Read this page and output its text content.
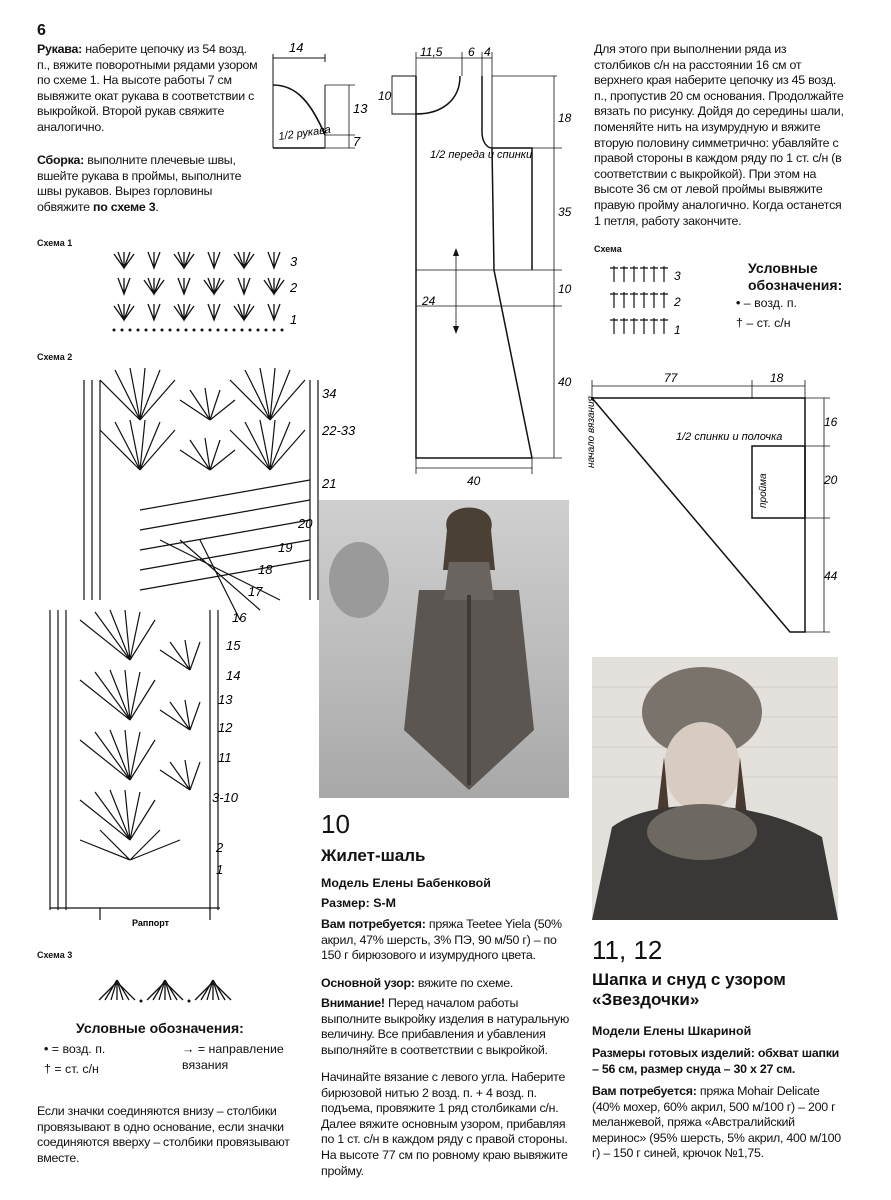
6
Рукава: наберите цепочку из 54 возд. п., вяжите поворотными рядами узором по схеме 1. На высоте работы 7 см вывяжите окат рукава в соответствии с выкройкой. Второй рукав свяжите аналогично.
Сборка: выполните плечевые швы, вшейте рукава в проймы, выполните швы рукавов. Вырез горловины обвяжите по схеме 3.
14
13
7
1/2 рукава
11,5 6 4
10
18
35
10
40
24
40
1/2 переда и спинки
Схема 1
3
2
1
Схема 2
34
22-33
21
20
19
18
17
16
15
14
13
12
11
3-10
2
1
Раппорт
Схема 3
Условные обозначения:
• = возд. п.
† = ст. с/н
→ = направление вязания
Если значки соединяются внизу – столбики провязывают в одно основание, если значки соединяются вверху – столбики провязывают вместе.
Для этого при выполнении ряда из столбиков с/н на расстоянии 16 см от верхнего края наберите цепочку из 45 возд. п., пропустив 20 см основания. Продолжайте вязать по рисунку. Дойдя до середины шали, поменяйте нить на изумрудную и вяжите вторую половину симметрично: убавляйте с правой стороны в каждом ряду по 1 ст. с/н (в соответствии с выкройкой). При этом на высоте 36 см от левой проймы вывяжите правую пройму аналогично. Когда останется 1 петля, работу закончите.
Схема
3
2
1
Условные обозначения:
• – возд. п.
† – ст. с/н
77	18
16
20
44
1/2 спинки и полочка
пройма
начало вязания
10
Жилет-шаль
Модель Елены Бабенковой
Размер: S-M
Вам потребуется: пряжа Teetee Yiela (50% акрил, 47% шерсть, 3% ПЭ, 90 м/50 г) – по 150 г бирюзового и изумрудного цвета.
Основной узор: вяжите по схеме.
Внимание! Перед началом работы выполните выкройку изделия в натуральную величину. Все прибавления и убавления выполняйте в соответствии с выкройкой.
Начинайте вязание с левого угла. Наберите бирюзовой нитью 2 возд. п. + 4 возд. п. подъема, провяжите 1 ряд столбиками с/н. Далее вяжите основным узором, прибавляя по 1 ст. с/н в каждом ряду с правой стороны. На высоте 77 см по ровному краю вывяжите пройму.
11, 12
Шапка и снуд с узором «Звездочки»
Модели Елены Шкариной
Размеры готовых изделий: обхват шапки – 56 см, размер снуда – 30 х 27 см.
Вам потребуется: пряжа Mohair Delicate (40% мохер, 60% акрил, 500 м/100 г) – 200 г меланжевой, пряжа «Австралийский меринос» (95% шерсть, 5% акрил, 400 м/100 г) – 150 г синей, крючок №1,75.
